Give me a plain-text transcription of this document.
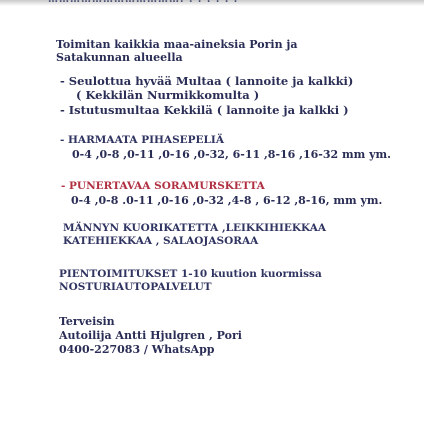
Toimitan kaikkia maa-aineksia Porin ja
Satakunnan alueella
- Seulottua hyvää Multaa ( lannoite ja kalkki)
( Kekkilän Nurmikkomulta )
- Istutusmultaa Kekkilä ( lannoite ja kalkki )
- HARMAATA PIHASEPELIÄ
0-4 ,0-8 ,0-11 ,0-16 ,0-32, 6-11 ,8-16 ,16-32 mm ym.
- PUNERTAVAA SORAMURSKETTA
0-4 ,0-8 .0-11 ,0-16 ,0-32 ,4-8 , 6-12 ,8-16, mm ym.
MÄNNYN KUORIKATETTA ,LEIKKIHIEKKAA
KATEHIEKKAA , SALAOJASORAA
PIENTOIMITUKSET 1-10 kuution kuormissa
NOSTURIAUTOPALVELUT
Terveisin
Autoilija Antti Hjulgren , Pori
0400-227083 / WhatsApp
